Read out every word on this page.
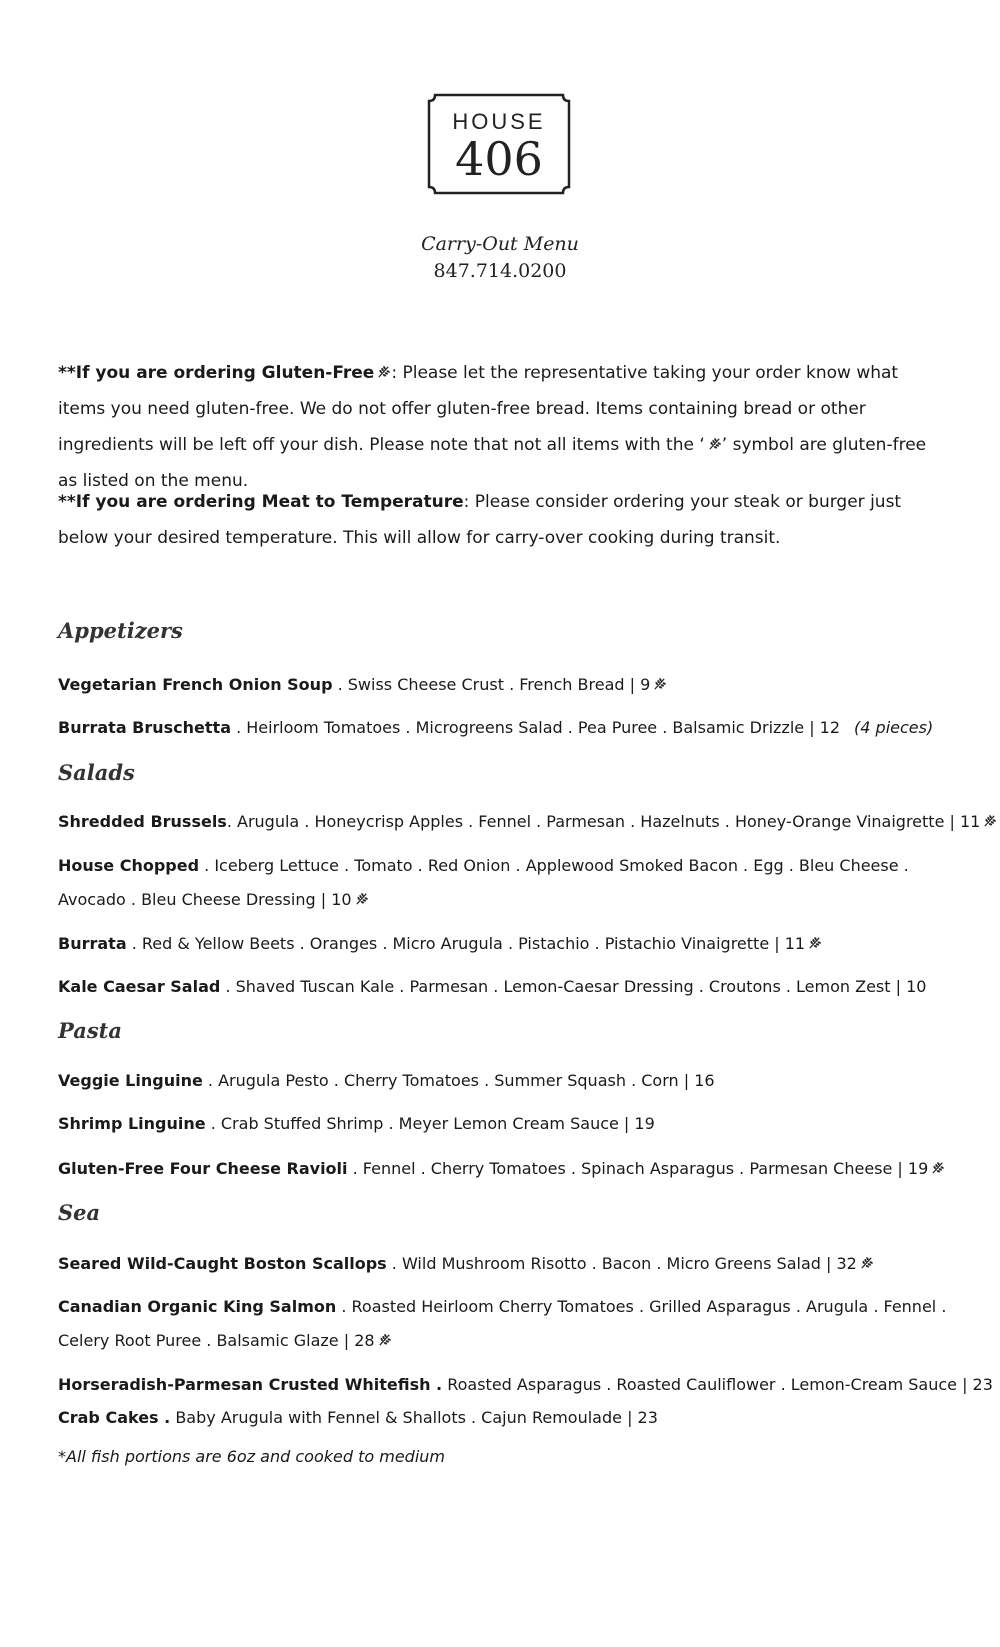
HOUSE
406
Carry-Out Menu
847.714.0200
**If you are ordering Gluten-Free : Please let the representative taking your order know what items you need gluten-free. We do not offer gluten-free bread. Items containing bread or other ingredients will be left off your dish. Please note that not all items with the ‘ ’ symbol are gluten-free as listed on the menu.
**If you are ordering Meat to Temperature: Please consider ordering your steak or burger just below your desired temperature. This will allow for carry-over cooking during transit.
Appetizers
Vegetarian French Onion Soup . Swiss Cheese Crust . French Bread | 9
Burrata Bruschetta . Heirloom Tomatoes . Microgreens Salad . Pea Puree . Balsamic Drizzle | 12 (4 pieces)
Salads
Shredded Brussels. Arugula . Honeycrisp Apples . Fennel . Parmesan . Hazelnuts . Honey-Orange Vinaigrette | 11
House Chopped . Iceberg Lettuce . Tomato . Red Onion . Applewood Smoked Bacon . Egg . Bleu Cheese . Avocado . Bleu Cheese Dressing | 10
Burrata . Red & Yellow Beets . Oranges . Micro Arugula . Pistachio . Pistachio Vinaigrette | 11
Kale Caesar Salad . Shaved Tuscan Kale . Parmesan . Lemon-Caesar Dressing . Croutons . Lemon Zest | 10
Pasta
Veggie Linguine . Arugula Pesto . Cherry Tomatoes . Summer Squash . Corn | 16
Shrimp Linguine . Crab Stuffed Shrimp . Meyer Lemon Cream Sauce | 19
Gluten-Free Four Cheese Ravioli . Fennel . Cherry Tomatoes . Spinach Asparagus . Parmesan Cheese | 19
Sea
Seared Wild-Caught Boston Scallops . Wild Mushroom Risotto . Bacon . Micro Greens Salad | 32
Canadian Organic King Salmon . Roasted Heirloom Cherry Tomatoes . Grilled Asparagus . Arugula . Fennel . Celery Root Puree . Balsamic Glaze | 28
Horseradish-Parmesan Crusted Whitefish . Roasted Asparagus . Roasted Cauliflower . Lemon-Cream Sauce | 23
Crab Cakes . Baby Arugula with Fennel & Shallots . Cajun Remoulade | 23
*All fish portions are 6oz and cooked to medium
